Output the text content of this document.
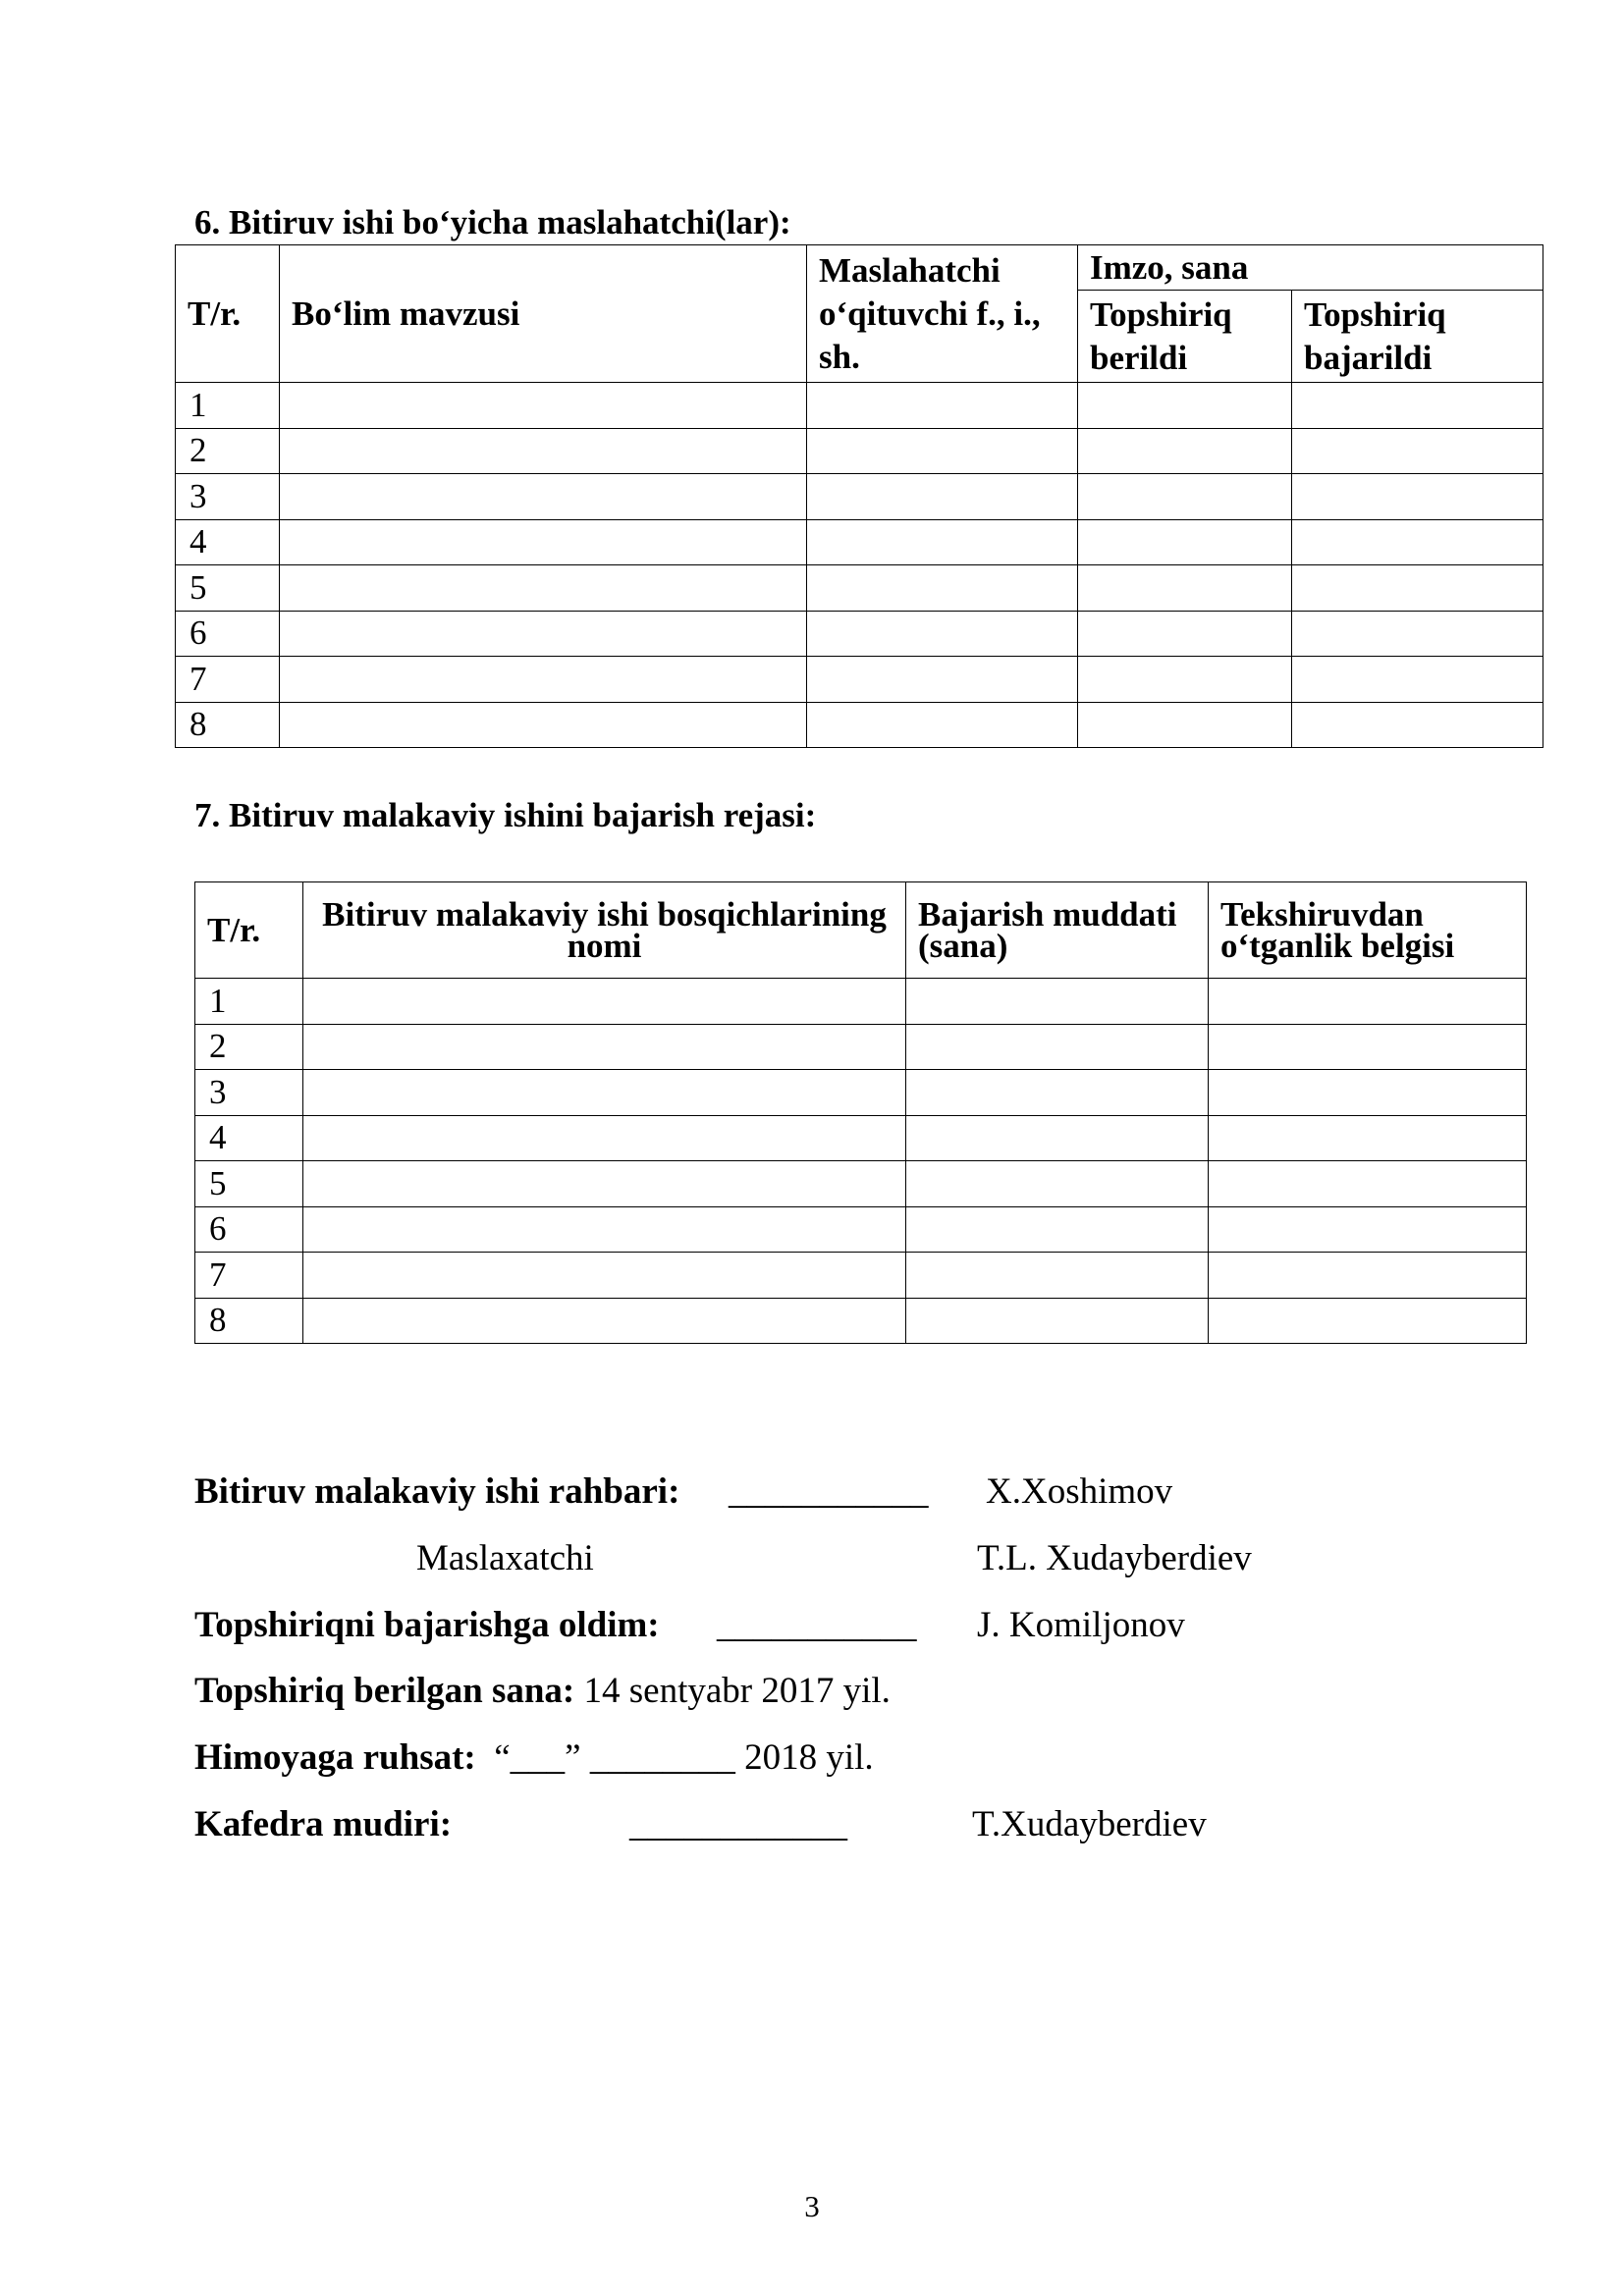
6. Bitiruv ishi bo‘yicha maslahatchi(lar):
T/r.	Bo‘lim mavzusi	Maslahatchi o‘qituvchi f., i., sh.	Imzo, sana	
			Topshiriq berildi	Topshiriq bajarildi
1				
2				
3				
4				
5				
6				
7				
8				
7. Bitiruv malakaviy ishini bajarish rejasi:
T/r.	Bitiruv malakaviy ishi bosqichlarining nomi	Bajarish muddati (sana)	Tekshiruvdan o‘tganlik belgisi
1			
2			
3			
4			
5			
6			
7			
8			
Bitiruv malakaviy ishi rahbari: ___________ X.Xoshimov
Maslaxatchi	T.L. Xudayberdiev
Topshiriqni bajarishga oldim: ___________ J. Komiljonov
Topshiriq berilgan sana: 14 sentyabr 2017 yil.
Himoyaga ruhsat: “___” ________ 2018 yil.
Kafedra mudiri:	____________	T.Xudayberdiev
3
